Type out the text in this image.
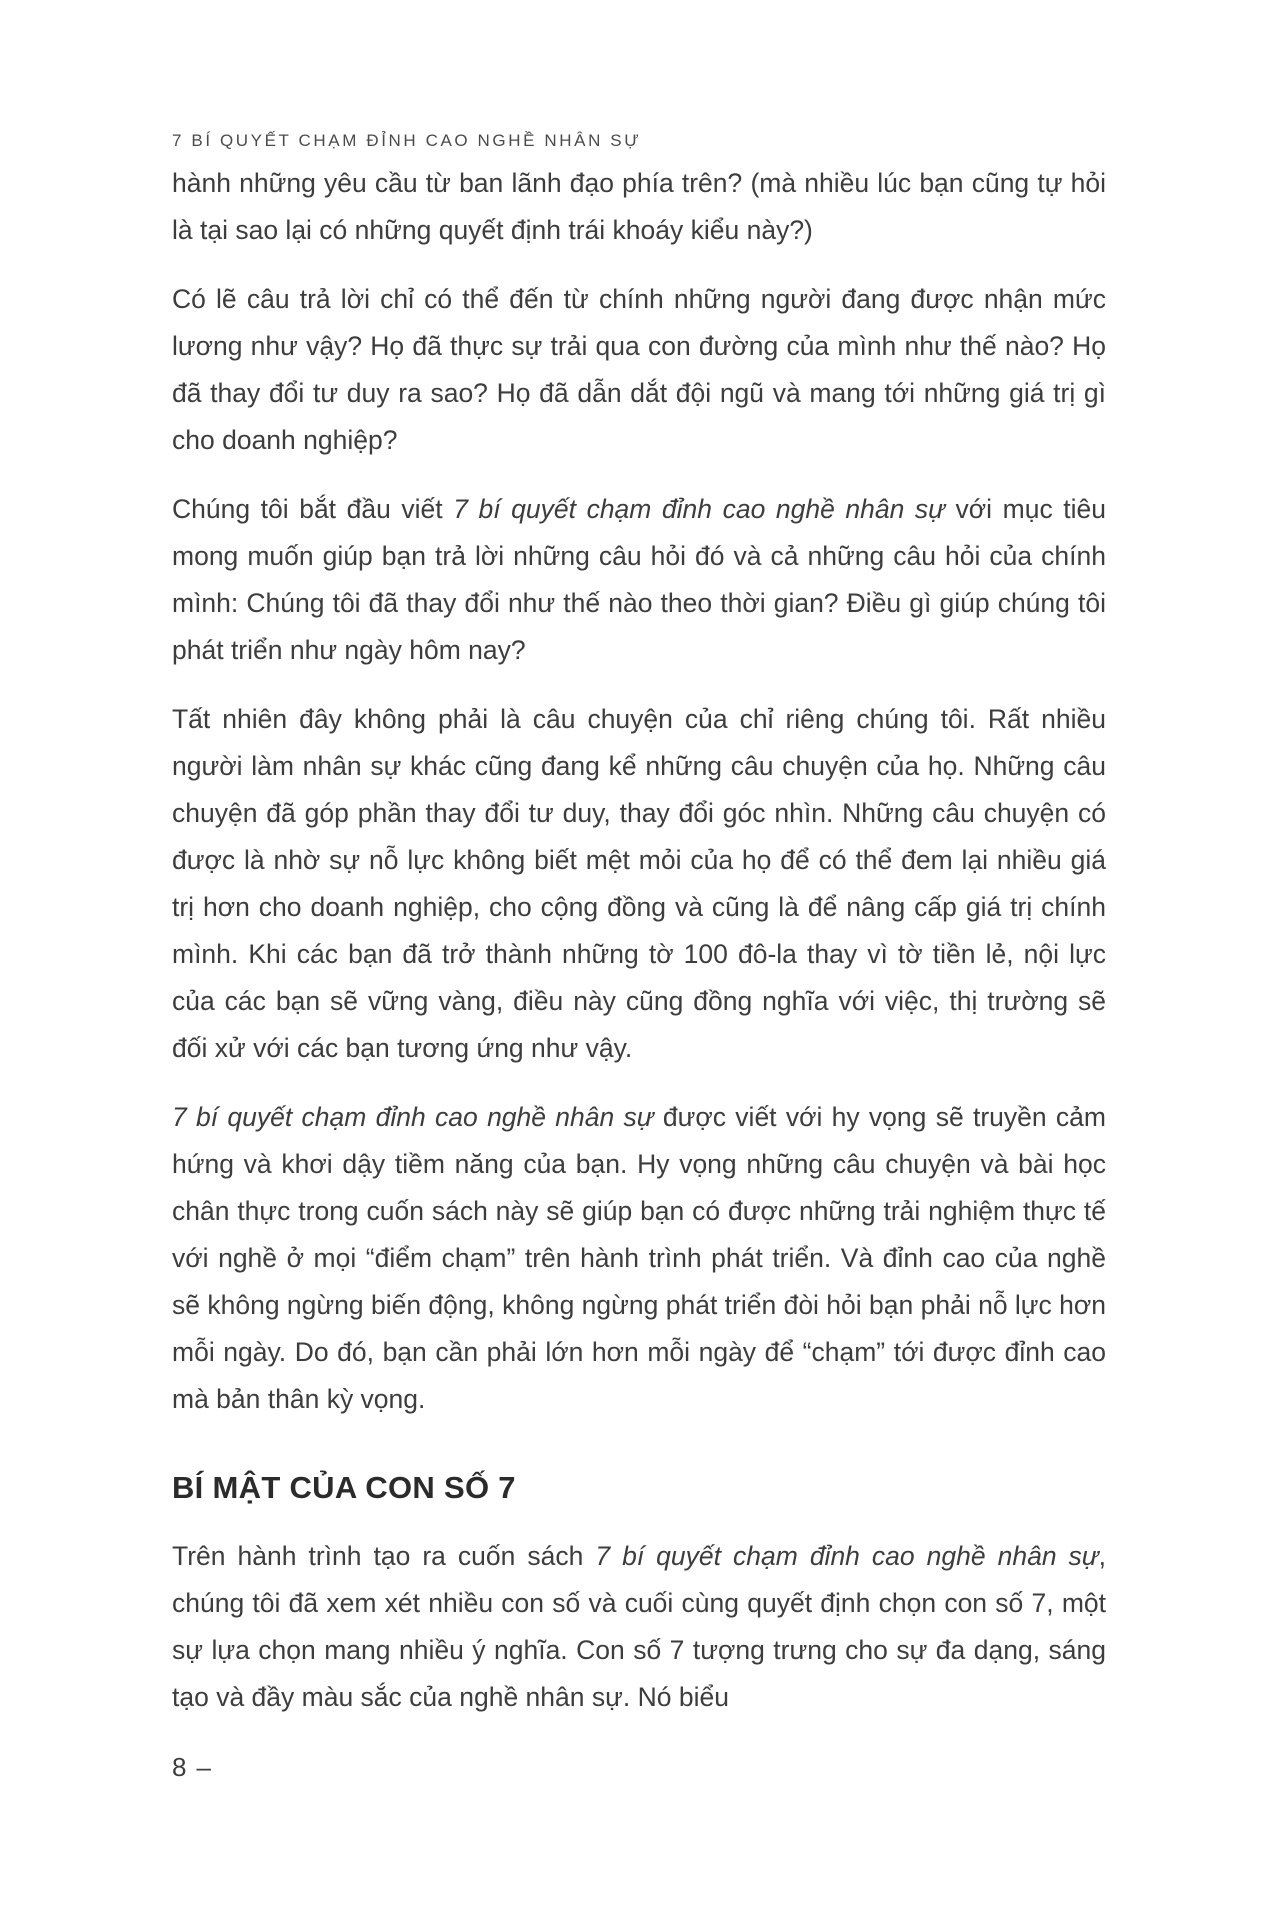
7 BÍ QUYẾT CHẠM ĐỈNH CAO NGHỀ NHÂN SỰ

hành những yêu cầu từ ban lãnh đạo phía trên? (mà nhiều lúc bạn cũng tự hỏi là tại sao lại có những quyết định trái khoáy kiểu này?)

Có lẽ câu trả lời chỉ có thể đến từ chính những người đang được nhận mức lương như vậy? Họ đã thực sự trải qua con đường của mình như thế nào? Họ đã thay đổi tư duy ra sao? Họ đã dẫn dắt đội ngũ và mang tới những giá trị gì cho doanh nghiệp?

Chúng tôi bắt đầu viết 7 bí quyết chạm đỉnh cao nghề nhân sự với mục tiêu mong muốn giúp bạn trả lời những câu hỏi đó và cả những câu hỏi của chính mình: Chúng tôi đã thay đổi như thế nào theo thời gian? Điều gì giúp chúng tôi phát triển như ngày hôm nay?

Tất nhiên đây không phải là câu chuyện của chỉ riêng chúng tôi. Rất nhiều người làm nhân sự khác cũng đang kể những câu chuyện của họ. Những câu chuyện đã góp phần thay đổi tư duy, thay đổi góc nhìn. Những câu chuyện có được là nhờ sự nỗ lực không biết mệt mỏi của họ để có thể đem lại nhiều giá trị hơn cho doanh nghiệp, cho cộng đồng và cũng là để nâng cấp giá trị chính mình. Khi các bạn đã trở thành những tờ 100 đô-la thay vì tờ tiền lẻ, nội lực của các bạn sẽ vững vàng, điều này cũng đồng nghĩa với việc, thị trường sẽ đối xử với các bạn tương ứng như vậy.

7 bí quyết chạm đỉnh cao nghề nhân sự được viết với hy vọng sẽ truyền cảm hứng và khơi dậy tiềm năng của bạn. Hy vọng những câu chuyện và bài học chân thực trong cuốn sách này sẽ giúp bạn có được những trải nghiệm thực tế với nghề ở mọi “điểm chạm” trên hành trình phát triển. Và đỉnh cao của nghề sẽ không ngừng biến động, không ngừng phát triển đòi hỏi bạn phải nỗ lực hơn mỗi ngày. Do đó, bạn cần phải lớn hơn mỗi ngày để “chạm” tới được đỉnh cao mà bản thân kỳ vọng.

BÍ MẬT CỦA CON SỐ 7

Trên hành trình tạo ra cuốn sách 7 bí quyết chạm đỉnh cao nghề nhân sự, chúng tôi đã xem xét nhiều con số và cuối cùng quyết định chọn con số 7, một sự lựa chọn mang nhiều ý nghĩa. Con số 7 tượng trưng cho sự đa dạng, sáng tạo và đầy màu sắc của nghề nhân sự. Nó biểu

8 –
